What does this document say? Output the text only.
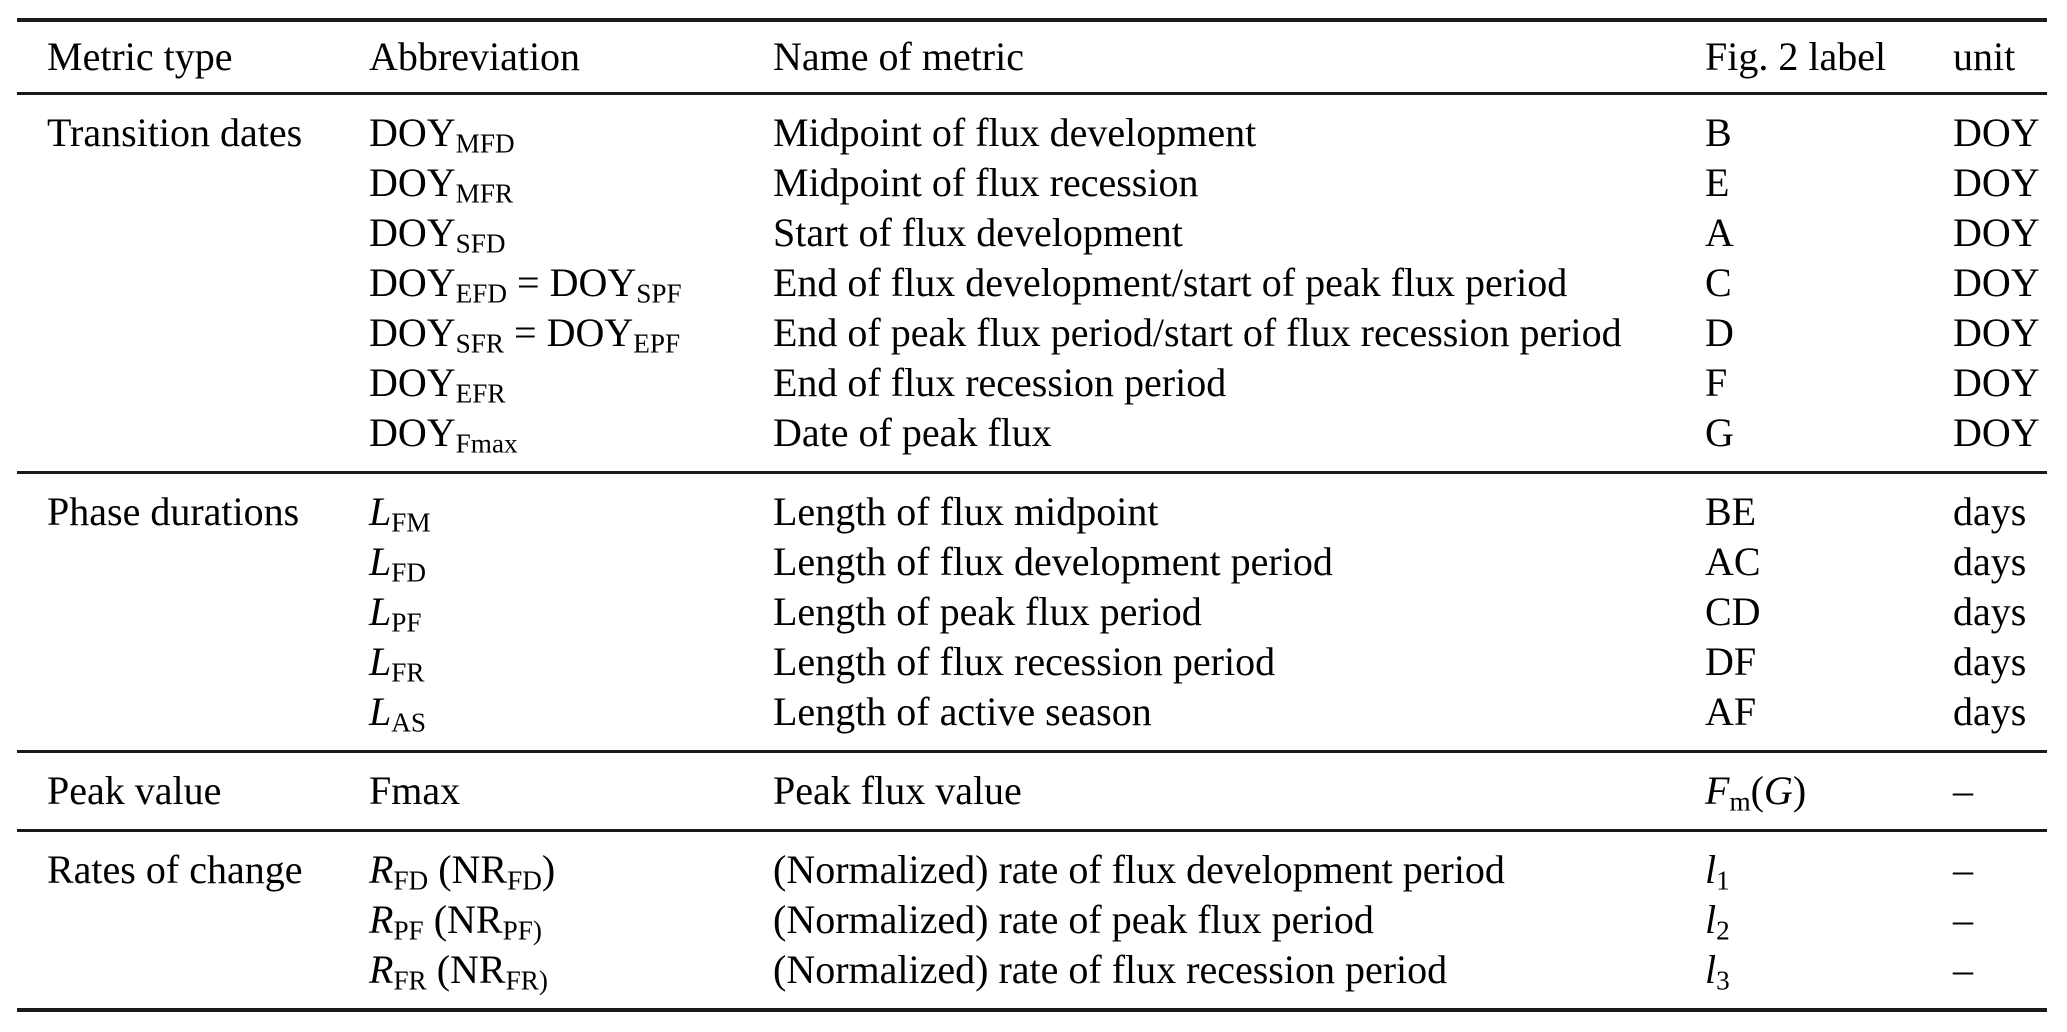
Metric type	Abbreviation	Name of metric	Fig. 2 label	unit
Transition dates	DOYMFD	Midpoint of flux development	B	DOY
	DOYMFR	Midpoint of flux recession	E	DOY
	DOYSFD	Start of flux development	A	DOY
	DOYEFD = DOYSPF	End of flux development/start of peak flux period	C	DOY
	DOYSFR = DOYEPF	End of peak flux period/start of flux recession period	D	DOY
	DOYEFR	End of flux recession period	F	DOY
	DOYFmax	Date of peak flux	G	DOY
Phase durations	LFM	Length of flux midpoint	BE	days
	LFD	Length of flux development period	AC	days
	LPF	Length of peak flux period	CD	days
	LFR	Length of flux recession period	DF	days
	LAS	Length of active season	AF	days
Peak value	Fmax	Peak flux value	Fm(G)	–
Rates of change	RFD (NRFD)	(Normalized) rate of flux development period	l1	–
	RPF (NRPF)	(Normalized) rate of peak flux period	l2	–
	RFR (NRFR)	(Normalized) rate of flux recession period	l3	–
